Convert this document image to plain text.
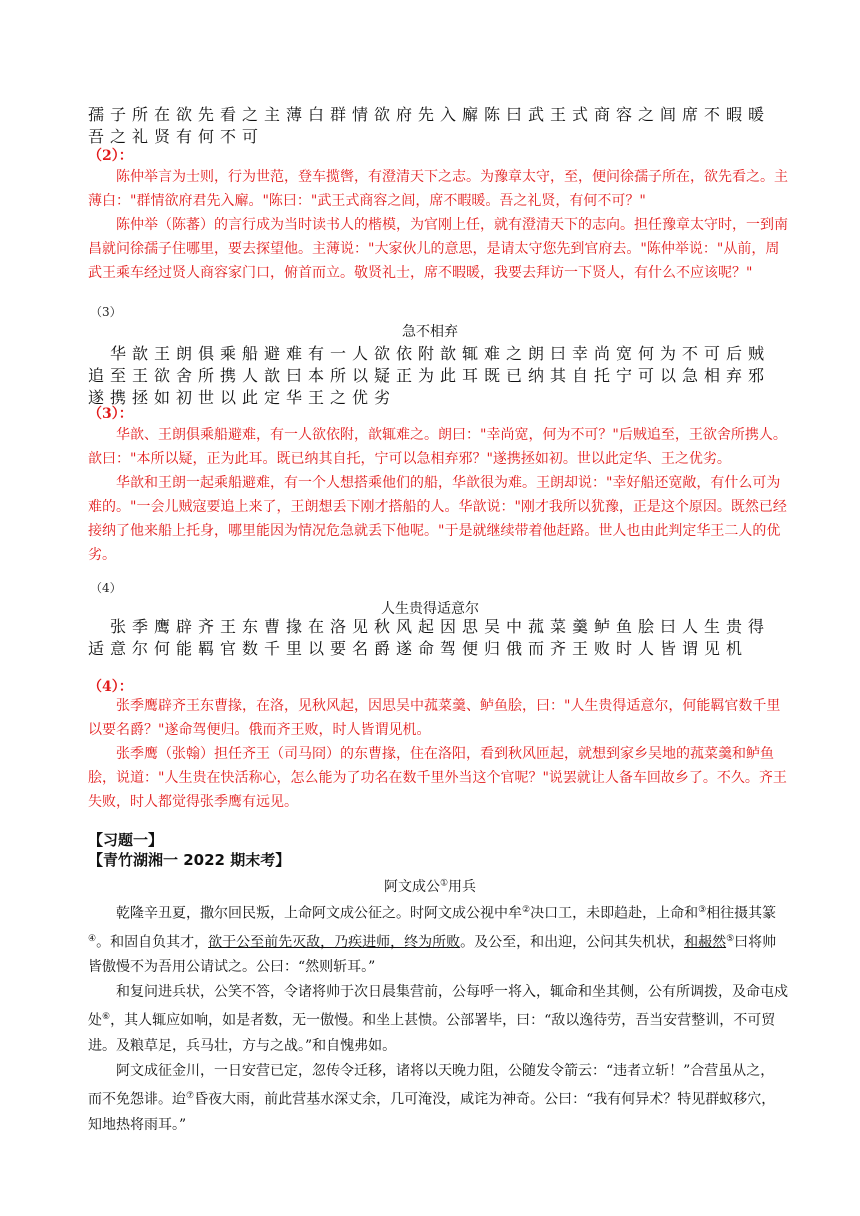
孺子所在欲先看之主薄白群情欲府先入廨陈曰武王式商容之闾席不暇暖吾之礼贤有何不可
（2）：

陈仲举言为士则，行为世范，登车揽辔，有澄清天下之志。为豫章太守，至，便问徐孺子所在，欲先看之。主薄白："群情欲府君先入廨。"陈曰："武王式商容之闾，席不暇暖。吾之礼贤，有何不可？"

陈仲举（陈蕃）的言行成为当时读书人的楷模，为官刚上任，就有澄清天下的志向。担任豫章太守时，一到南昌就问徐孺子住哪里，要去探望他。主薄说："大家伙儿的意思，是请太守您先到官府去。"陈仲举说："从前，周武王乘车经过贤人商容家门口，俯首而立。敬贤礼士，席不暇暖，我要去拜访一下贤人，有什么不应该呢？"

（3）
急不相弃
　华歆王朗俱乘船避难有一人欲依附歆辄难之朗曰幸尚宽何为不可后贼追至王欲舍所携人歆曰本所以疑正为此耳既已纳其自托宁可以急相弃邪　遂携拯如初世以此定华王之优劣
（3）：

华歆、王朗俱乘船避难，有一人欲依附，歆辄难之。朗曰："幸尚宽，何为不可？"后贼追至，王欲舍所携人。歆曰："本所以疑，正为此耳。既已纳其自托，宁可以急相弃邪？"遂携拯如初。世以此定华、王之优劣。

华歆和王朗一起乘船避难，有一个人想搭乘他们的船，华歆很为难。王朗却说："幸好船还宽敞，有什么可为难的。"一会儿贼寇要追上来了，王朗想丢下刚才搭船的人。华歆说："刚才我所以犹豫，正是这个原因。既然已经接纳了他来船上托身，哪里能因为情况危急就丢下他呢。"于是就继续带着他赶路。世人也由此判定华王二人的优劣。

（4）
人生贵得适意尔
　张季鹰辟齐王东曹掾在洛见秋风起因思吴中菰菜羹鲈鱼脍曰人生贵得适意尔何能羁官数千里以要名爵遂命驾便归俄而齐王败时人皆谓见机
（4）：

张季鹰辟齐王东曹掾，在洛，见秋风起，因思吴中菰菜羹、鲈鱼脍，曰："人生贵得适意尔，何能羁官数千里以要名爵？"遂命驾便归。俄而齐王败，时人皆谓见机。

张季鹰（张翰）担任齐王（司马冏）的东曹掾，住在洛阳，看到秋风匝起，就想到家乡吴地的菰菜羹和鲈鱼脍，说道："人生贵在快活称心，怎么能为了功名在数千里外当这个官呢？"说罢就让人备车回故乡了。不久。齐王失败，时人都觉得张季鹰有远见。

【习题一】
【青竹湖湘一 2022 期末考】
阿文成公①用兵

乾隆辛丑夏，撒尔回民叛，上命阿文成公征之。时阿文成公视中牟②决口工，未即趋赴，上命和③相往摄其篆④。和固自负其才，欲于公至前先灭敌，乃疾进师，终为所败。及公至，和出迎，公问其失机状，和赧然⑤曰将帅皆傲慢不为吾用公请试之。公曰：“然则斩耳。”

和复问进兵状，公笑不答，令诸将帅于次日晨集营前，公每呼一将入，辄命和坐其侧，公有所调拨，及命屯戍处⑥，其人辄应如响，如是者数，无一傲慢。和坐上甚愦。公部署毕，曰：“敌以逸待劳，吾当安营整训，不可贸进。及粮草足，兵马壮，方与之战。”和自愧弗如。

阿文成征金川，一日安营已定，忽传令迁移，诸将以天晚力阻，公随发令箭云：“违者立斩！”合营虽从之，而不免怨诽。迨⑦昏夜大雨，前此营基水深丈余，几可淹没，咸诧为神奇。公曰：“我有何异术？特见群蚁移穴，知地热将雨耳。”
